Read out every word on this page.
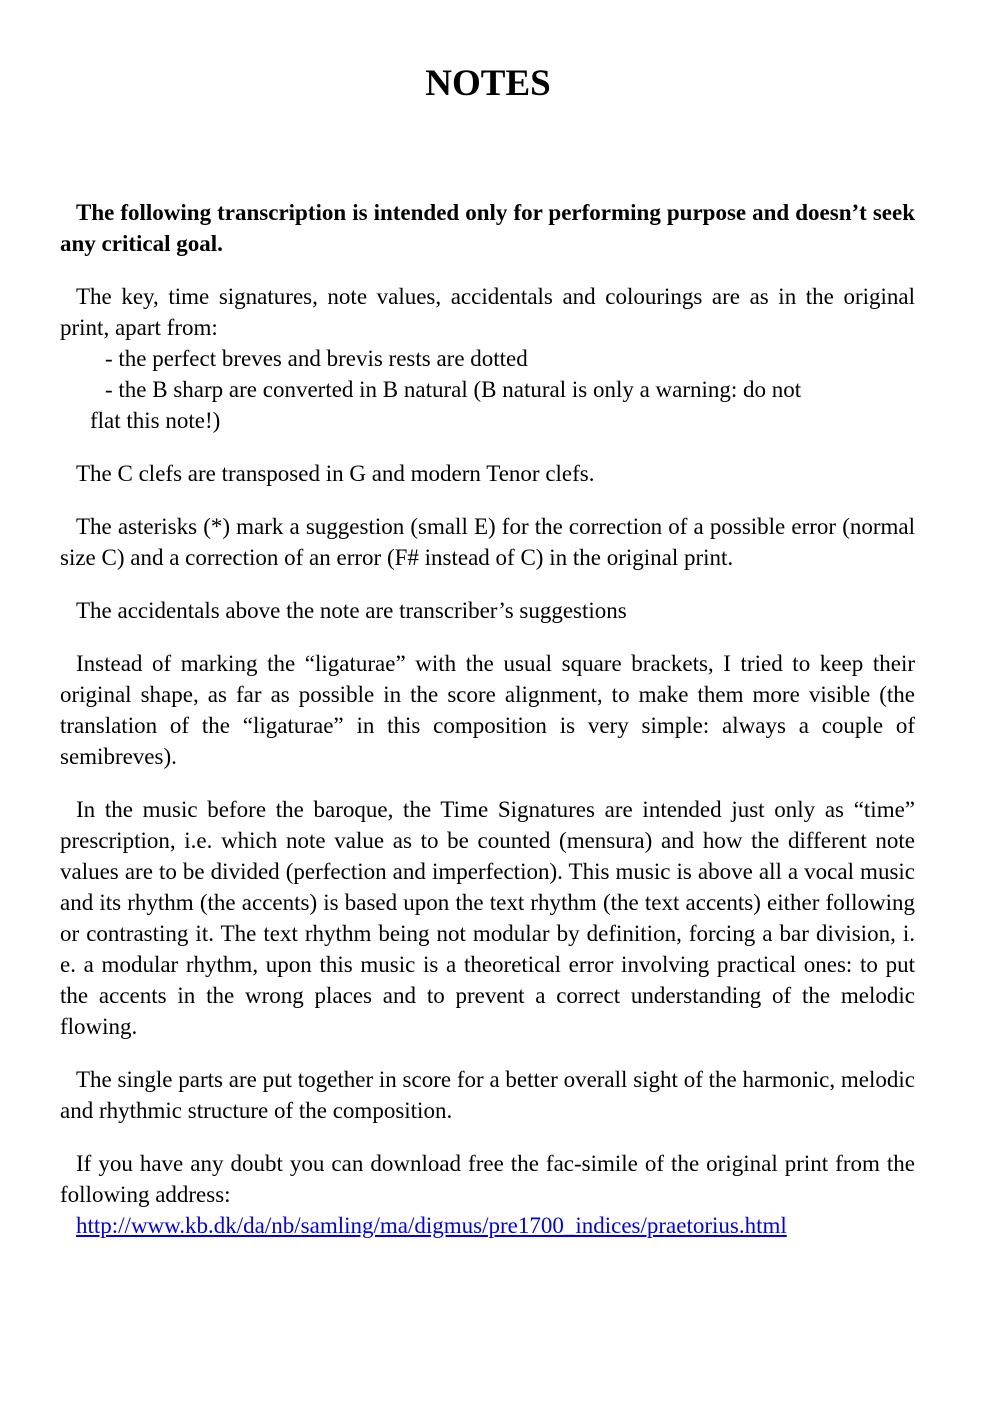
NOTES

The following transcription is intended only for performing purpose and doesn’t seek any critical goal.

The key, time signatures, note values, accidentals and colourings are as in the original print, apart from:

- the perfect breves and brevis rests are dotted

- the B sharp are converted in B natural (B natural is only a warning: do not
flat this note!)

The C clefs are transposed in G and modern Tenor clefs.

The asterisks (*) mark a suggestion (small E) for the correction of a possible error (normal size C) and a correction of an error (F# instead of C) in the original print.

The accidentals above the note are transcriber’s suggestions

Instead of marking the “ligaturae” with the usual square brackets, I tried to keep their original shape, as far as possible in the score alignment, to make them more visible (the translation of the “ligaturae” in this composition is very simple: always a couple of semibreves).

In the music before the baroque, the Time Signatures are intended just only as “time” prescription, i.e. which note value as to be counted (mensura) and how the different note values are to be divided (perfection and imperfection). This music is above all a vocal music and its rhythm (the accents) is based upon the text rhythm (the text accents) either following or contrasting it. The text rhythm being not modular by definition, forcing a bar division, i. e. a modular rhythm, upon this music is a theoretical error involving practical ones: to put the accents in the wrong places and to prevent a correct understanding of the melodic flowing.

The single parts are put together in score for a better overall sight of the harmonic, melodic and rhythmic structure of the composition.

If you have any doubt you can download free the fac-simile of the original print from the following address:
http://www.kb.dk/da/nb/samling/ma/digmus/pre1700_indices/praetorius.html
